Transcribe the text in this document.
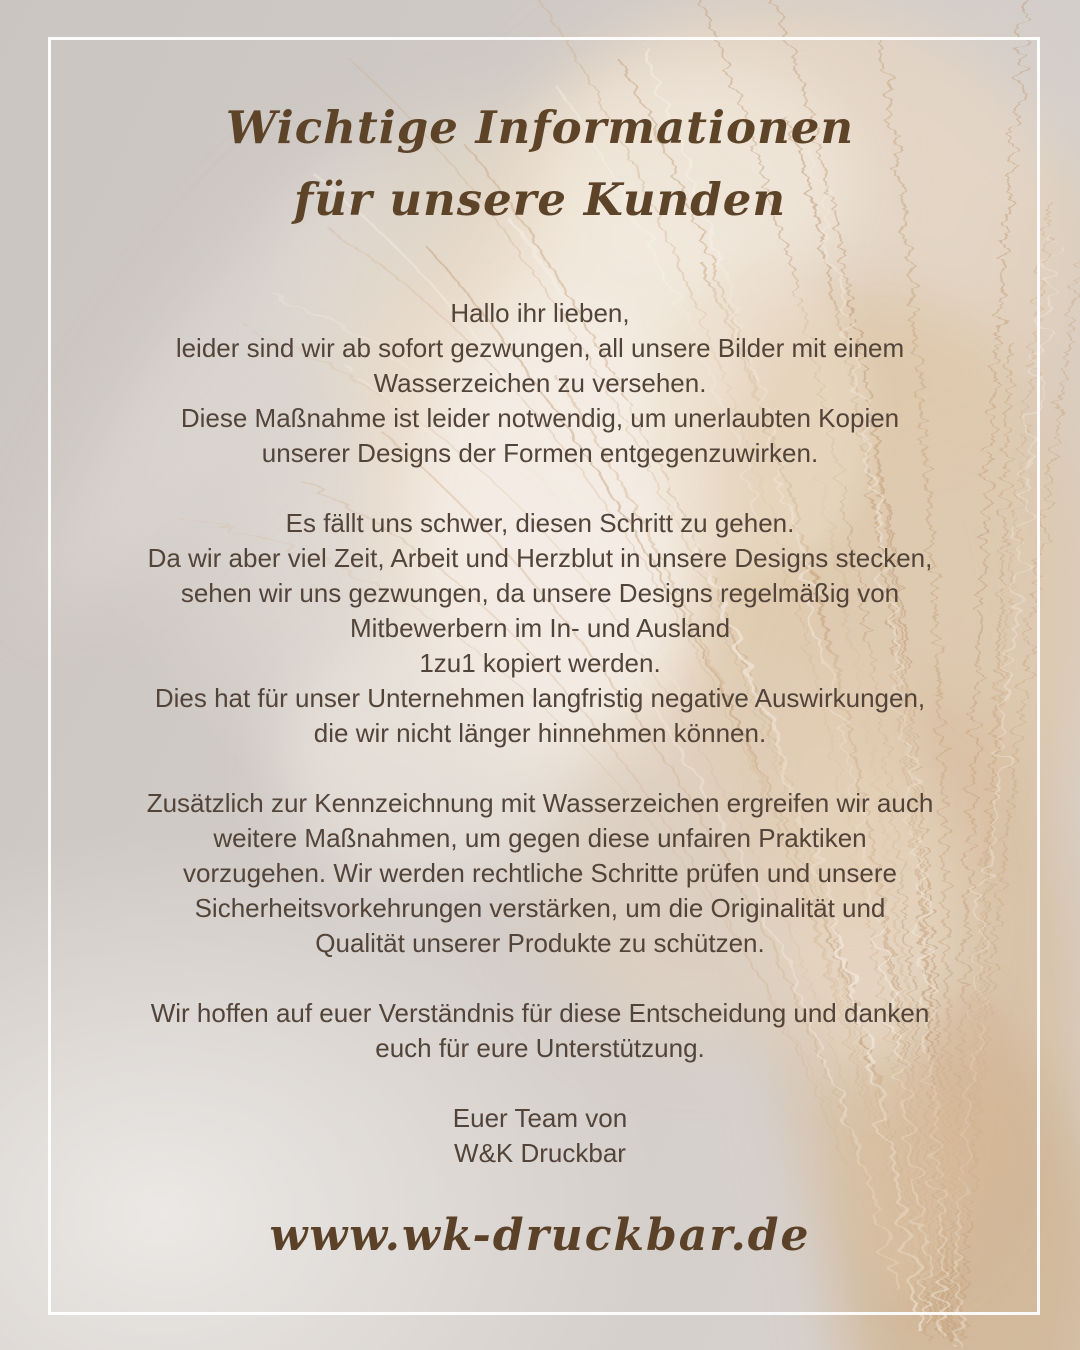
Wichtige Informationen
für unsere Kunden
Hallo ihr lieben,
leider sind wir ab sofort gezwungen, all unsere Bilder mit einem
Wasserzeichen zu versehen.
Diese Maßnahme ist leider notwendig, um unerlaubten Kopien
unserer Designs der Formen entgegenzuwirken.
Es fällt uns schwer, diesen Schritt zu gehen.
Da wir aber viel Zeit, Arbeit und Herzblut in unsere Designs stecken,
sehen wir uns gezwungen, da unsere Designs regelmäßig von
Mitbewerbern im In- und Ausland
1zu1 kopiert werden.
Dies hat für unser Unternehmen langfristig negative Auswirkungen,
die wir nicht länger hinnehmen können.
Zusätzlich zur Kennzeichnung mit Wasserzeichen ergreifen wir auch
weitere Maßnahmen, um gegen diese unfairen Praktiken
vorzugehen. Wir werden rechtliche Schritte prüfen und unsere
Sicherheitsvorkehrungen verstärken, um die Originalität und
Qualität unserer Produkte zu schützen.
Wir hoffen auf euer Verständnis für diese Entscheidung und danken
euch für eure Unterstützung.
Euer Team von
W&K Druckbar
www.wk-druckbar.de
